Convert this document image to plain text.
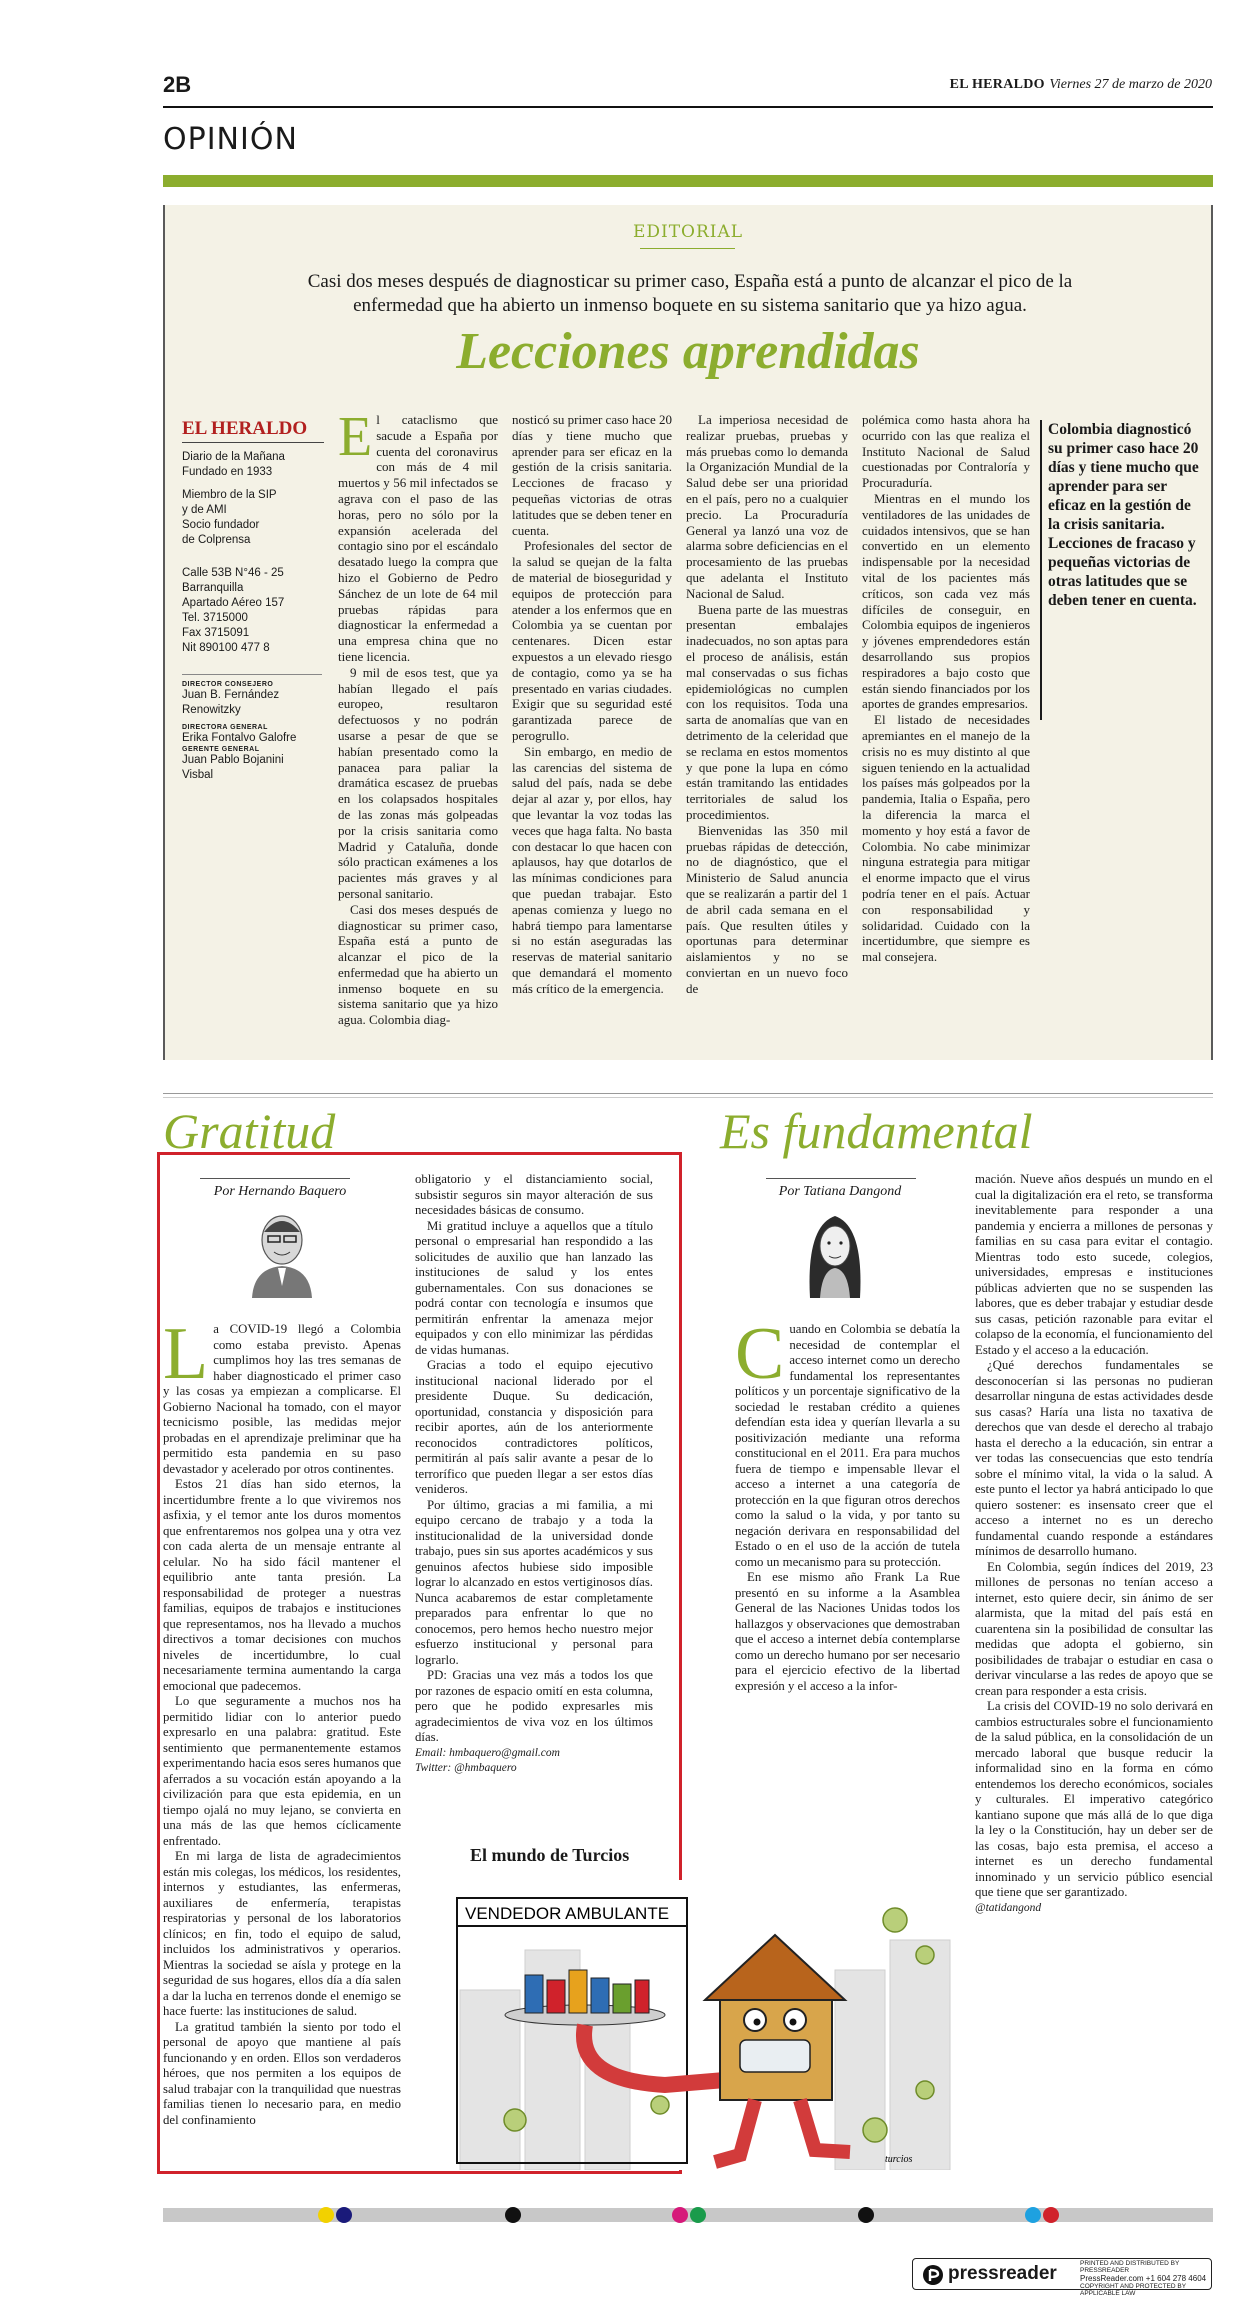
2B	EL HERALDO Viernes 27 de marzo de 2020
OPINIÓN
EDITORIAL
Casi dos meses después de diagnosticar su primer caso, España está a punto de alcanzar el pico de la enfermedad que ha abierto un inmenso boquete en su sistema sanitario que ya hizo agua.
Lecciones aprendidas
EL HERALDO
Diario de la Mañana
Fundado en 1933
Miembro de la SIP
y de AMI
Socio fundador
de Colprensa
Calle 53B N°46 - 25
Barranquilla
Apartado Aéreo 157
Tel. 3715000
Fax 3715091
Nit 890100 477 8
DIRECTOR CONSEJERO
Juan B. Fernández
Renowitzky
DIRECTORA GENERAL
Erika Fontalvo Galofre
GERENTE GENERAL
Juan Pablo Bojanini
Visbal
E l cataclismo que sacude a España por cuenta del coronavirus con más de 4 mil muertos y 56 mil infectados se agrava con el paso de las horas, pero no sólo por la expansión acelerada del contagio sino por el escándalo desatado luego la compra que hizo el Gobierno de Pedro Sánchez de un lote de 64 mil pruebas rápidas para diagnosticar la enfermedad a una empresa china que no tiene licencia.

9 mil de esos test, que ya habían llegado el país europeo, resultaron defectuosos y no podrán usarse a pesar de que se habían presentado como la panacea para paliar la dramática escasez de pruebas en los colapsados hospitales de las zonas más golpeadas por la crisis sanitaria como Madrid y Cataluña, donde sólo practican exámenes a los pacientes más graves y al personal sanitario.

Casi dos meses después de diagnosticar su primer caso, España está a punto de alcanzar el pico de la enfermedad que ha abierto un inmenso boquete en su sistema sanitario que ya hizo agua. Colombia diag-

nosticó su primer caso hace 20 días y tiene mucho que aprender para ser eficaz en la gestión de la crisis sanitaria. Lecciones de fracaso y pequeñas victorias de otras latitudes que se deben tener en cuenta.

Profesionales del sector de la salud se quejan de la falta de material de bioseguridad y equipos de protección para atender a los enfermos que en Colombia ya se cuentan por centenares. Dicen estar expuestos a un elevado riesgo de contagio, como ya se ha presentado en varias ciudades. Exigir que su seguridad esté garantizada parece de perogrullo.

Sin embargo, en medio de las carencias del sistema de salud del país, nada se debe dejar al azar y, por ellos, hay que levantar la voz todas las veces que haga falta. No basta con destacar lo que hacen con aplausos, hay que dotarlos de las mínimas condiciones para que puedan trabajar. Esto apenas comienza y luego no habrá tiempo para lamentarse si no están aseguradas las reservas de material sanitario que demandará el momento más crítico de la emergencia.

La imperiosa necesidad de realizar pruebas, pruebas y más pruebas como lo demanda la Organización Mundial de la Salud debe ser una prioridad en el país, pero no a cualquier precio. La Procuraduría General ya lanzó una voz de alarma sobre deficiencias en el procesamiento de las pruebas que adelanta el Instituto Nacional de Salud.

Buena parte de las muestras presentan embalajes inadecuados, no son aptas para el proceso de análisis, están mal conservadas o sus fichas epidemiológicas no cumplen con los requisitos. Toda una sarta de anomalías que van en detrimento de la celeridad que se reclama en estos momentos y que pone la lupa en cómo están tramitando las entidades territoriales de salud los procedimientos.

Bienvenidas las 350 mil pruebas rápidas de detección, no de diagnóstico, que el Ministerio de Salud anuncia que se realizarán a partir del 1 de abril cada semana en el país. Que resulten útiles y oportunas para determinar aislamientos y no se conviertan en un nuevo foco de

polémica como hasta ahora ha ocurrido con las que realiza el Instituto Nacional de Salud cuestionadas por Contraloría y Procuraduría.

Mientras en el mundo los ventiladores de las unidades de cuidados intensivos, que se han convertido en un elemento indispensable por la necesidad vital de los pacientes más críticos, son cada vez más difíciles de conseguir, en Colombia equipos de ingenieros y jóvenes emprendedores están desarrollando sus propios respiradores a bajo costo que están siendo financiados por los aportes de grandes empresarios.

El listado de necesidades apremiantes en el manejo de la crisis no es muy distinto al que siguen teniendo en la actualidad los países más golpeados por la pandemia, Italia o España, pero la diferencia la marca el momento y hoy está a favor de Colombia. No cabe minimizar ninguna estrategia para mitigar el enorme impacto que el virus podría tener en el país. Actuar con responsabilidad y solidaridad. Cuidado con la incertidumbre, que siempre es mal consejera.

Colombia diagnosticó su primer caso hace 20 días y tiene mucho que aprender para ser eficaz en la gestión de la crisis sanitaria. Lecciones de fracaso y pequeñas victorias de otras latitudes que se deben tener en cuenta.
Gratitud
Por Hernando Baquero
L a COVID-19 llegó a Colombia como estaba previsto. Apenas cumplimos hoy las tres semanas de haber diagnosticado el primer caso y las cosas ya empiezan a complicarse. El Gobierno Nacional ha tomado, con el mayor tecnicismo posible, las medidas mejor probadas en el aprendizaje preliminar que ha permitido esta pandemia en su paso devastador y acelerado por otros continentes.

Estos 21 días han sido eternos, la incertidumbre frente a lo que viviremos nos asfixia, y el temor ante los duros momentos que enfrentaremos nos golpea una y otra vez con cada alerta de un mensaje entrante al celular. No ha sido fácil mantener el equilibrio ante tanta presión. La responsabilidad de proteger a nuestras familias, equipos de trabajos e instituciones que representamos, nos ha llevado a muchos directivos a tomar decisiones con muchos niveles de incertidumbre, lo cual necesariamente termina aumentando la carga emocional que padecemos.

Lo que seguramente a muchos nos ha permitido lidiar con lo anterior puedo expresarlo en una palabra: gratitud. Este sentimiento que permanentemente estamos experimentando hacia esos seres humanos que aferrados a su vocación están apoyando a la civilización para que esta epidemia, en un tiempo ojalá no muy lejano, se convierta en una más de las que hemos cíclicamente enfrentado.

En mi larga de lista de agradecimientos están mis colegas, los médicos, los residentes, internos y estudiantes, las enfermeras, auxiliares de enfermería, terapistas respiratorias y personal de los laboratorios clínicos; en fin, todo el equipo de salud, incluidos los administrativos y operarios. Mientras la sociedad se aísla y protege en la seguridad de sus hogares, ellos día a día salen a dar la lucha en terrenos donde el enemigo se hace fuerte: las instituciones de salud.

La gratitud también la siento por todo el personal de apoyo que mantiene al país funcionando y en orden. Ellos son verdaderos héroes, que nos permiten a los equipos de salud trabajar con la tranquilidad que nuestras familias tienen lo necesario para, en medio del confinamiento

obligatorio y el distanciamiento social, subsistir seguros sin mayor alteración de sus necesidades básicas de consumo.

Mi gratitud incluye a aquellos que a título personal o empresarial han respondido a las solicitudes de auxilio que han lanzado las instituciones de salud y los entes gubernamentales. Con sus donaciones se podrá contar con tecnología e insumos que permitirán enfrentar la amenaza mejor equipados y con ello minimizar las pérdidas de vidas humanas.

Gracias a todo el equipo ejecutivo institucional nacional liderado por el presidente Duque. Su dedicación, oportunidad, constancia y disposición para recibir aportes, aún de los anteriormente reconocidos contradictores políticos, permitirán al país salir avante a pesar de lo terrorífico que pueden llegar a ser estos días venideros.

Por último, gracias a mi familia, a mi equipo cercano de trabajo y a toda la institucionalidad de la universidad donde trabajo, pues sin sus aportes académicos y sus genuinos afectos hubiese sido imposible lograr lo alcanzado en estos vertiginosos días. Nunca acabaremos de estar completamente preparados para enfrentar lo que no conocemos, pero hemos hecho nuestro mejor esfuerzo institucional y personal para lograrlo.

PD: Gracias una vez más a todos los que por razones de espacio omití en esta columna, pero que he podido expresarles mis agradecimientos de viva voz en los últimos días.

Email: hmbaquero@gmail.com

Twitter: @hmbaquero

Es fundamental
Por Tatiana Dangond
C uando en Colombia se debatía la necesidad de contemplar el acceso internet como un derecho fundamental los representantes políticos y un porcentaje significativo de la sociedad le restaban crédito a quienes defendían esta idea y querían llevarla a su positivización mediante una reforma constitucional en el 2011. Era para muchos fuera de tiempo e impensable llevar el acceso a internet a una categoría de protección en la que figuran otros derechos como la salud o la vida, y por tanto su negación derivara en responsabilidad del Estado o en el uso de la acción de tutela como un mecanismo para su protección.

En ese mismo año Frank La Rue presentó en su informe a la Asamblea General de las Naciones Unidas todos los hallazgos y observaciones que demostraban que el acceso a internet debía contemplarse como un derecho humano por ser necesario para el ejercicio efectivo de la libertad expresión y el acceso a la infor-

mación. Nueve años después un mundo en el cual la digitalización era el reto, se transforma inevitablemente para responder a una pandemia y encierra a millones de personas y familias en su casa para evitar el contagio. Mientras todo esto sucede, colegios, universidades, empresas e instituciones públicas advierten que no se suspenden las labores, que es deber trabajar y estudiar desde sus casas, petición razonable para evitar el colapso de la economía, el funcionamiento del Estado y el acceso a la educación.

¿Qué derechos fundamentales se desconocerían si las personas no pudieran desarrollar ninguna de estas actividades desde sus casas? Haría una lista no taxativa de derechos que van desde el derecho al trabajo hasta el derecho a la educación, sin entrar a ver todas las consecuencias que esto tendría sobre el mínimo vital, la vida o la salud. A este punto el lector ya habrá anticipado lo que quiero sostener: es insensato creer que el acceso a internet no es un derecho fundamental cuando responde a estándares mínimos de desarrollo humano.

En Colombia, según índices del 2019, 23 millones de personas no tenían acceso a internet, esto quiere decir, sin ánimo de ser alarmista, que la mitad del país está en cuarentena sin la posibilidad de consultar las medidas que adopta el gobierno, sin posibilidades de trabajar o estudiar en casa o derivar vincularse a las redes de apoyo que se crean para responder a esta crisis.

La crisis del COVID-19 no solo derivará en cambios estructurales sobre el funcionamiento de la salud pública, en la consolidación de un mercado laboral que busque reducir la informalidad sino en la forma en cómo entendemos los derecho económicos, sociales y culturales. El imperativo categórico kantiano supone que más allá de lo que diga la ley o la Constitución, hay un deber ser de las cosas, bajo esta premisa, el acceso a internet es un derecho fundamental innominado y un servicio público esencial que tiene que ser garantizado.

@tatidangond

El mundo de Turcios
VENDEDOR AMBULANTE
turcios
pressreader	PRINTED AND DISTRIBUTED BY PRESSREADER
PressReader.com +1 604 278 4604
COPYRIGHT AND PROTECTED BY APPLICABLE LAW
